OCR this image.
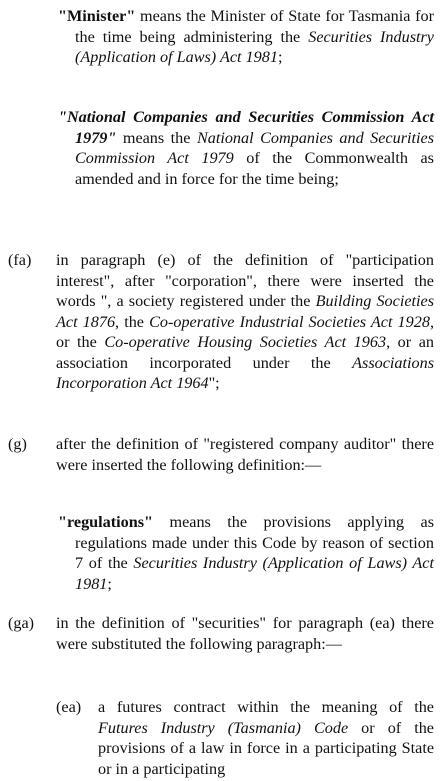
"Minister" means the Minister of State for Tasmania for the time being administering the Securities Industry (Application of Laws) Act 1981;
"National Companies and Securities Commission Act 1979" means the National Companies and Securities Commission Act 1979 of the Commonwealth as amended and in force for the time being;
(fa) in paragraph (e) of the definition of "participation interest", after "corporation", there were inserted the words ", a society registered under the Building Societies Act 1876, the Co-operative Industrial Societies Act 1928, or the Co-operative Housing Societies Act 1963, or an association incorporated under the Associations Incorporation Act 1964";
(g) after the definition of "registered company auditor" there were inserted the following definition:—
"regulations" means the provisions applying as regulations made under this Code by reason of section 7 of the Securities Industry (Application of Laws) Act 1981;
(ga) in the definition of "securities" for paragraph (ea) there were substituted the following paragraph:—
(ea) a futures contract within the meaning of the Futures Industry (Tasmania) Code or of the provisions of a law in force in a participating State or in a participating
